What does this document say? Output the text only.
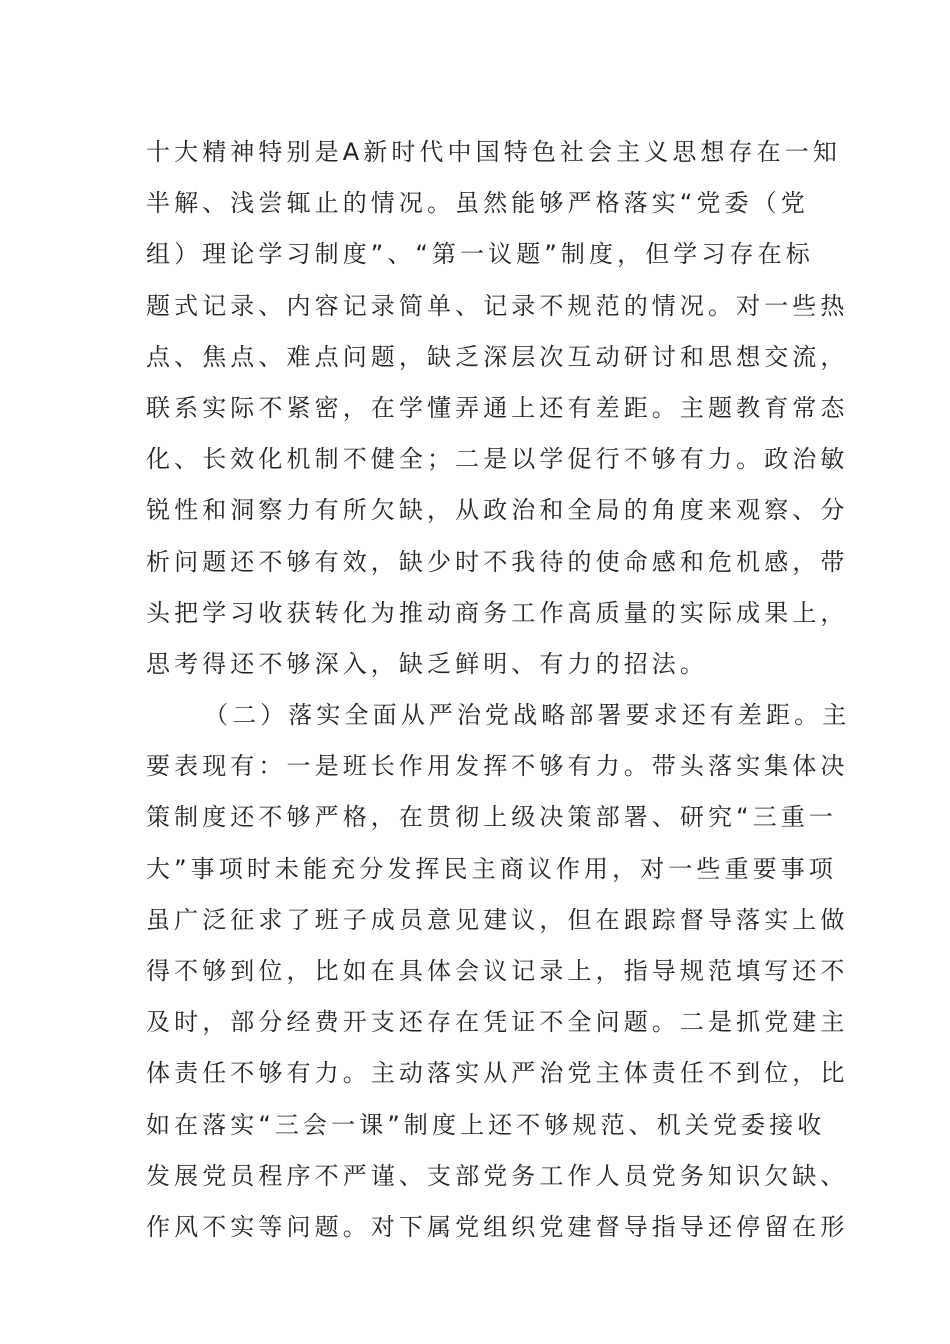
十大精神特别是A新时代中国特色社会主义思想存在一知
半解、浅尝辄止的情况。虽然能够严格落实“党委（党
组）理论学习制度”、“第一议题”制度，但学习存在标
题式记录、内容记录简单、记录不规范的情况。对一些热
点、焦点、难点问题，缺乏深层次互动研讨和思想交流，
联系实际不紧密，在学懂弄通上还有差距。主题教育常态
化、长效化机制不健全；二是以学促行不够有力。政治敏
锐性和洞察力有所欠缺，从政治和全局的角度来观察、分
析问题还不够有效，缺少时不我待的使命感和危机感，带
头把学习收获转化为推动商务工作高质量的实际成果上，
思考得还不够深入，缺乏鲜明、有力的招法。
（二）落实全面从严治党战略部署要求还有差距。主
要表现有：一是班长作用发挥不够有力。带头落实集体决
策制度还不够严格，在贯彻上级决策部署、研究“三重一
大”事项时未能充分发挥民主商议作用，对一些重要事项
虽广泛征求了班子成员意见建议，但在跟踪督导落实上做
得不够到位，比如在具体会议记录上，指导规范填写还不
及时，部分经费开支还存在凭证不全问题。二是抓党建主
体责任不够有力。主动落实从严治党主体责任不到位，比
如在落实“三会一课”制度上还不够规范、机关党委接收
发展党员程序不严谨、支部党务工作人员党务知识欠缺、
作风不实等问题。对下属党组织党建督导指导还停留在形
